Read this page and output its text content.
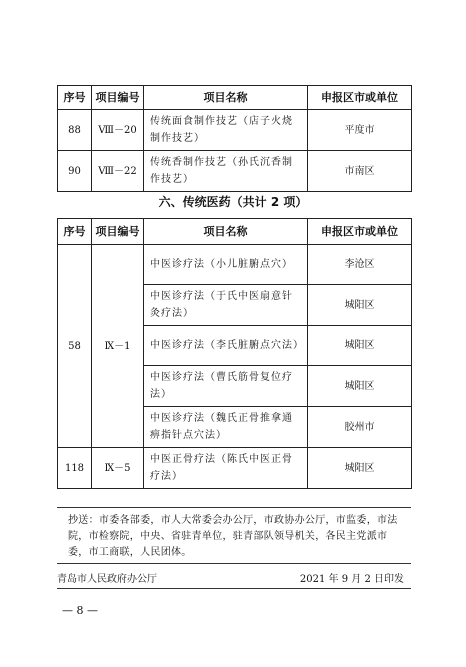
序号	项目编号	项目名称	申报区市或单位
88	Ⅷ－20	传统面食制作技艺（店子火烧制作技艺）	平度市
90	Ⅷ－22	传统香制作技艺（孙氏沉香制作技艺）	市南区
六、传统医药（共计 2 项）
序号	项目编号	项目名称	申报区市或单位
58	Ⅸ－1	中医诊疗法（小儿脏腑点穴）	李沧区
		中医诊疗法（于氏中医扇意针灸疗法）	城阳区
		中医诊疗法（李氏脏腑点穴法）	城阳区
		中医诊疗法（曹氏筋骨复位疗法）	城阳区
		中医诊疗法（魏氏正骨推拿通痹指针点穴法）	胶州市
118	Ⅸ－5	中医正骨疗法（陈氏中医正骨疗法）	城阳区
抄送：市委各部委，市人大常委会办公厅，市政协办公厅，市监委，市法院，市检察院，中央、省驻青单位，驻青部队领导机关，各民主党派市委，市工商联，人民团体。
青岛市人民政府办公厅	2021 年 9 月 2 日印发
— 8 —
